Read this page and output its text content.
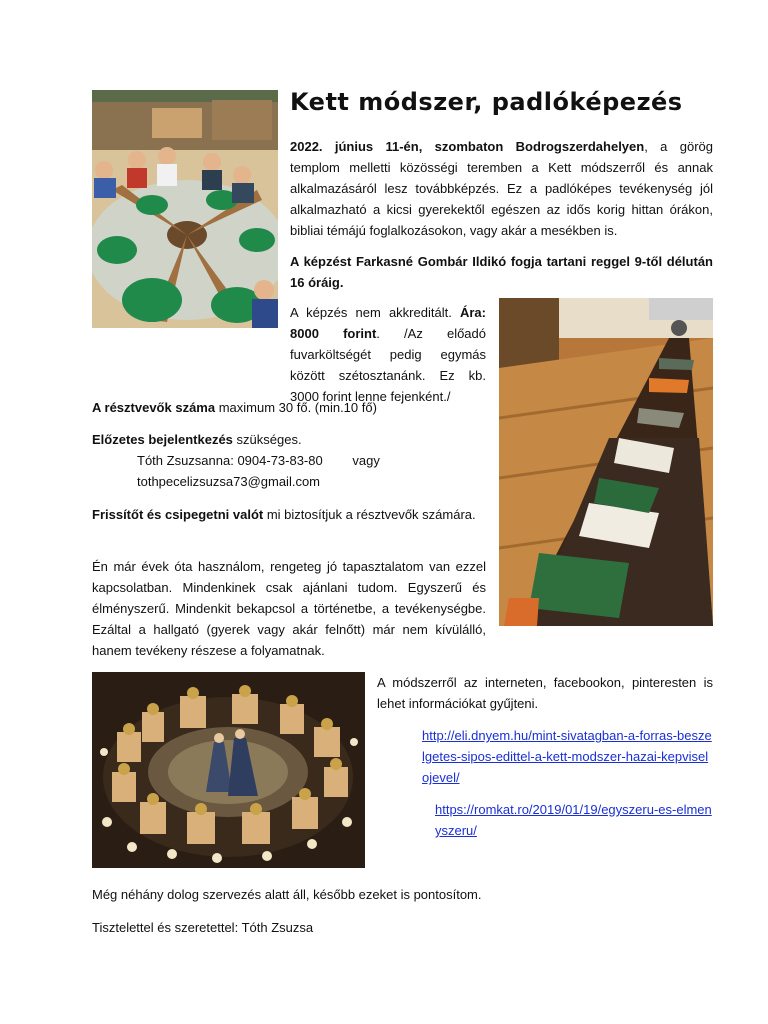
Kett módszer, padlóképezés
2022. június 11-én, szombaton Bodrogszerdahelyen, a görög templom melletti közösségi teremben a Kett módszerről és annak alkalmazásáról lesz továbbképzés. Ez a padlóképes tevékenység jól alkalmazható a kicsi gyerekektől egészen az idős korig hittan órákon, bibliai témájú foglalkozásokon, vagy akár a mesékben is.
A képzést Farkasné Gombár Ildikó fogja tartani reggel 9-től délután 16 óráig.
A képzés nem akkreditált. Ára: 8000 forint. /Az előadó fuvarköltségét pedig egymás között szétosztanánk. Ez kb. 3000 forint lenne fejenként./
A résztvevők száma maximum 30 fő. (min.10 fő)
Előzetes bejelentkezés szükséges.
Tóth Zsuzsanna: 0904-73-83-80 vagy
tothpecelizsuzsa73@gmail.com
Frissítőt és csipegetni valót mi biztosítjuk a résztvevők számára.
Én már évek óta használom, rengeteg jó tapasztalatom van ezzel kapcsolatban. Mindenkinek csak ajánlani tudom. Egyszerű és élményszerű. Mindenkit bekapcsol a történetbe, a tevékenységbe. Ezáltal a hallgató (gyerek vagy akár felnőtt) már nem kívülálló, hanem tevékeny részese a folyamatnak.
A módszerről az interneten, facebookon, pinteresten is lehet információkat gyűjteni.
http://eli.dnyem.hu/mint-sivatagban-a-forras-beszelgetes-sipos-edittel-a-kett-modszer-hazai-kepviselojevel/
https://romkat.ro/2019/01/19/egyszeru-es-elmenyszeru/
Még néhány dolog szervezés alatt áll, később ezeket is pontosítom.
Tisztelettel és szeretettel: Tóth Zsuzsa
